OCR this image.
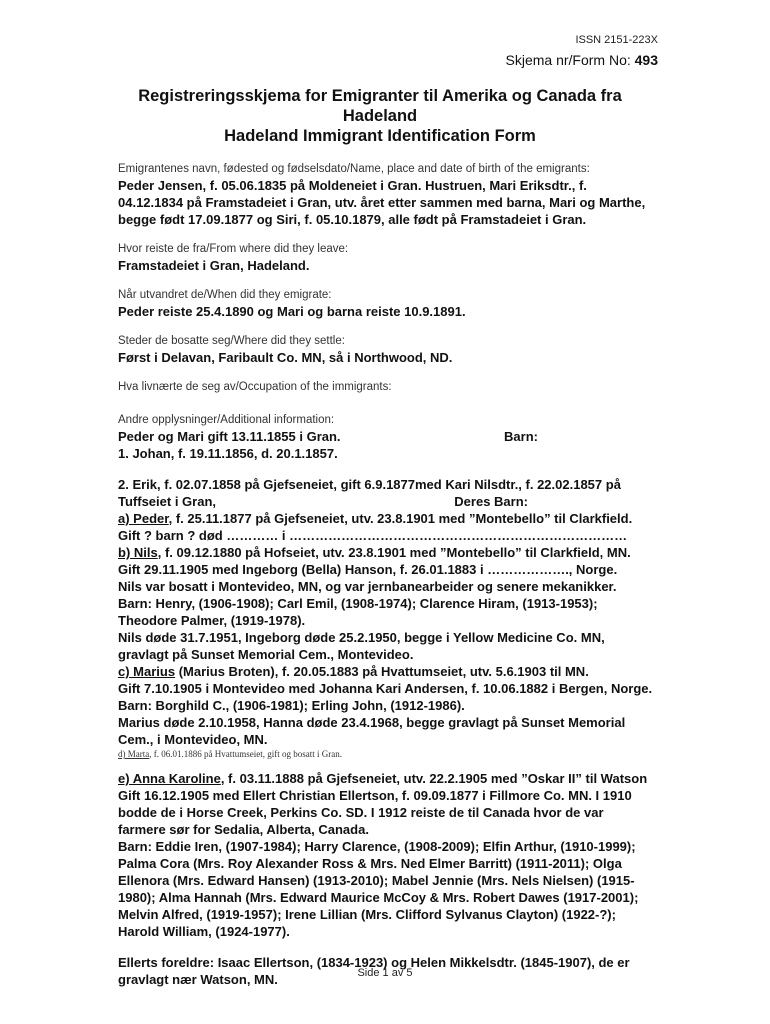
ISSN 2151-223X
Skjema nr/Form No: 493
Registreringsskjema for Emigranter til Amerika og Canada fra
Hadeland
Hadeland Immigrant Identification Form
Emigrantenes navn, fødested og fødselsdato/Name, place and date of birth of the emigrants:
Peder Jensen, f. 05.06.1835 på Moldeneiet i Gran. Hustruen, Mari Eriksdtr., f.
04.12.1834 på Framstadeiet i Gran, utv. året etter sammen med barna, Mari og Marthe,
begge født 17.09.1877 og Siri, f. 05.10.1879, alle født på Framstadeiet i Gran.
Hvor reiste de fra/From where did they leave:
Framstadeiet i Gran, Hadeland.
Når utvandret de/When did they emigrate:
Peder reiste 25.4.1890 og Mari og barna reiste 10.9.1891.
Steder de bosatte seg/Where did they settle:
Først i Delavan, Faribault Co. MN, så i Northwood, ND.
Hva livnærte de seg av/Occupation of the immigrants:
Andre opplysninger/Additional information:
Peder og Mari gift 13.11.1855 i Gran.	Barn:
1. Johan, f. 19.11.1856, d. 20.1.1857.
2. Erik, f. 02.07.1858 på Gjefseneiet, gift 6.9.1877med Kari Nilsdtr., f. 22.02.1857 på
Tuffseiet i Gran,	Deres Barn:
a) Peder, f. 25.11.1877 på Gjefseneiet, utv. 23.8.1901 med ”Montebello” til Clarkfield.
Gift ? barn ? død ………… i ……………………………………………………………………
b) Nils, f. 09.12.1880 på Hofseiet, utv. 23.8.1901 med ”Montebello” til Clarkfield, MN.
Gift 29.11.1905 med Ingeborg (Bella) Hanson, f. 26.01.1883 i ………………., Norge.
Nils var bosatt i Montevideo, MN, og var jernbanearbeider og senere mekanikker.
Barn: Henry, (1906-1908); Carl Emil, (1908-1974); Clarence Hiram, (1913-1953);
Theodore Palmer, (1919-1978).
Nils døde 31.7.1951, Ingeborg døde 25.2.1950, begge i Yellow Medicine Co. MN,
gravlagt på Sunset Memorial Cem., Montevideo.
c) Marius (Marius Broten), f. 20.05.1883 på Hvattumseiet, utv. 5.6.1903 til MN.
Gift 7.10.1905 i Montevideo med Johanna Kari Andersen, f. 10.06.1882 i Bergen, Norge.
Barn: Borghild C., (1906-1981); Erling John, (1912-1986).
Marius døde 2.10.1958, Hanna døde 23.4.1968, begge gravlagt på Sunset Memorial
Cem., i Montevideo, MN.
d) Marta, f. 06.01.1886 på Hvattumseiet, gift og bosatt i Gran.
e) Anna Karoline, f. 03.11.1888 på Gjefseneiet, utv. 22.2.1905 med ”Oskar II” til Watson
Gift 16.12.1905 med Ellert Christian Ellertson, f. 09.09.1877 i Fillmore Co. MN. I 1910
bodde de i Horse Creek, Perkins Co. SD. I 1912 reiste de til Canada hvor de var
farmere sør for Sedalia, Alberta, Canada.
Barn: Eddie Iren, (1907-1984); Harry Clarence, (1908-2009); Elfin Arthur, (1910-1999);
Palma Cora (Mrs. Roy Alexander Ross & Mrs. Ned Elmer Barritt) (1911-2011); Olga
Ellenora (Mrs. Edward Hansen) (1913-2010); Mabel Jennie (Mrs. Nels Nielsen) (1915-
1980); Alma Hannah (Mrs. Edward Maurice McCoy & Mrs. Robert Dawes (1917-2001);
Melvin Alfred, (1919-1957); Irene Lillian (Mrs. Clifford Sylvanus Clayton) (1922-?);
Harold William, (1924-1977).
Ellerts foreldre: Isaac Ellertson, (1834-1923) og Helen Mikkelsdtr. (1845-1907), de er
gravlagt nær Watson, MN.	Side 1 av 5
